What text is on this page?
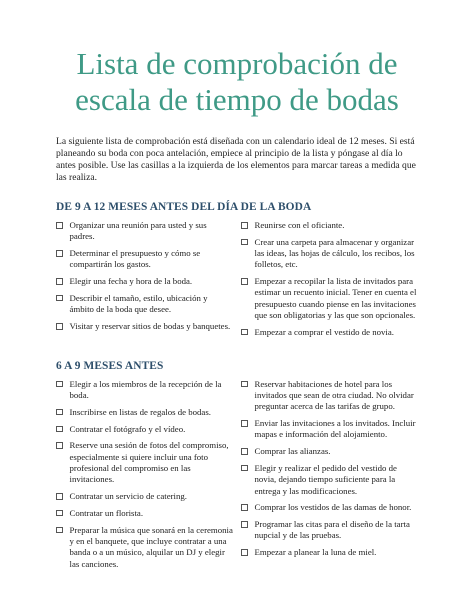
Lista de comprobación de
escala de tiempo de bodas

La siguiente lista de comprobación está diseñada con un calendario ideal de 12 meses. Si está planeando su boda con poca antelación, empiece al principio de la lista y póngase al día lo antes posible. Use las casillas a la izquierda de los elementos para marcar tareas a medida que las realiza.

DE 9 A 12 MESES ANTES DEL DÍA DE LA BODA
Organizar una reunión para usted y sus padres.
Determinar el presupuesto y cómo se compartirán los gastos.
Elegir una fecha y hora de la boda.
Describir el tamaño, estilo, ubicación y ámbito de la boda que desee.
Visitar y reservar sitios de bodas y banquetes.
Reunirse con el oficiante.
Crear una carpeta para almacenar y organizar las ideas, las hojas de cálculo, los recibos, los folletos, etc.
Empezar a recopilar la lista de invitados para estimar un recuento inicial. Tener en cuenta el presupuesto cuando piense en las invitaciones que son obligatorias y las que son opcionales.
Empezar a comprar el vestido de novia.
6 A 9 MESES ANTES
Elegir a los miembros de la recepción de la boda.
Inscribirse en listas de regalos de bodas.
Contratar el fotógrafo y el vídeo.
Reserve una sesión de fotos del compromiso, especialmente si quiere incluir una foto profesional del compromiso en las invitaciones.
Contratar un servicio de catering.
Contratar un florista.
Preparar la música que sonará en la ceremonia y en el banquete, que incluye contratar a una banda o a un músico, alquilar un DJ y elegir las canciones.
Reservar habitaciones de hotel para los invitados que sean de otra ciudad. No olvidar preguntar acerca de las tarifas de grupo.
Enviar las invitaciones a los invitados. Incluir mapas e información del alojamiento.
Comprar las alianzas.
Elegir y realizar el pedido del vestido de novia, dejando tiempo suficiente para la entrega y las modificaciones.
Comprar los vestidos de las damas de honor.
Programar las citas para el diseño de la tarta nupcial y de las pruebas.
Empezar a planear la luna de miel.
